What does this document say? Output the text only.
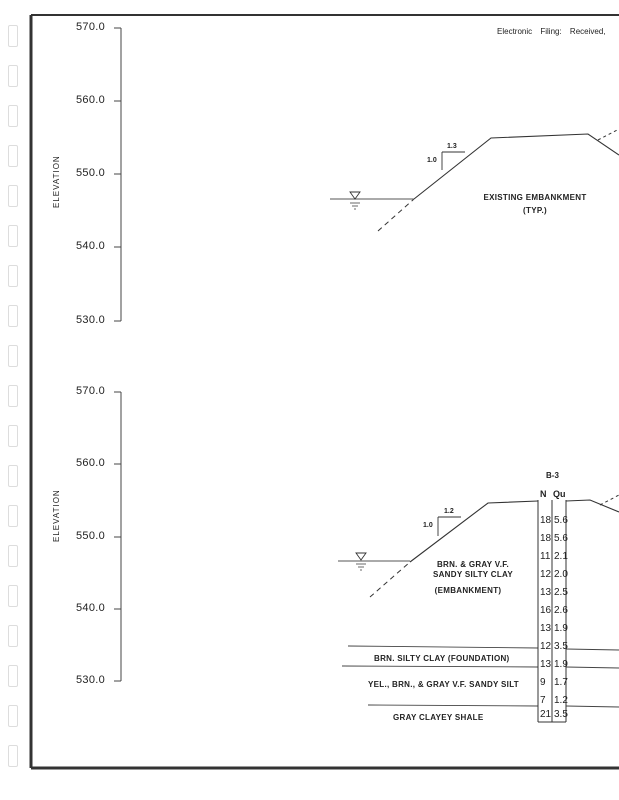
Electronic Filing: Received,
ELEVATION
570.0
560.0
550.0
540.0
530.0
1.3
1.0
EXISTING EMBANKMENT
(TYP.)
ELEVATION
570.0
560.0
550.0
540.0
530.0
1.2
1.0
BRN. & GRAY V.F.
SANDY SILTY CLAY
(EMBANKMENT)
BRN. SILTY CLAY (FOUNDATION)
YEL., BRN., & GRAY V.F. SANDY SILT
GRAY CLAYEY SHALE
B-3
N Qu
18 5.6
18 5.6
11 2.1
12 2.0
13 2.5
16 2.6
13 1.9
12 3.5
13 1.9
9 1.7
7 1.2
21 3.5
